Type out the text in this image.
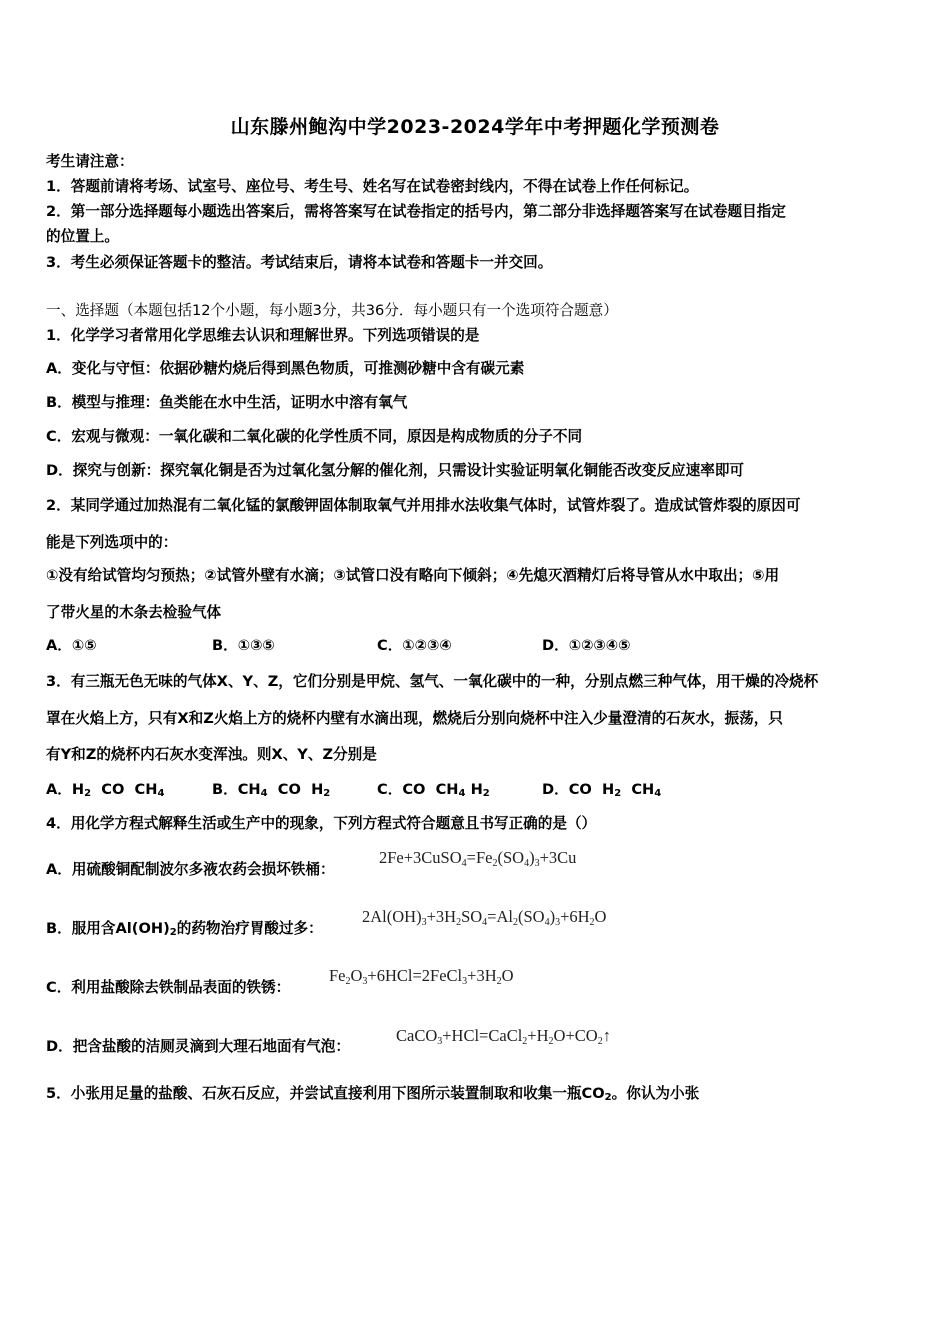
山东滕州鲍沟中学2023-2024学年中考押题化学预测卷
考生请注意：
1．答题前请将考场、试室号、座位号、考生号、姓名写在试卷密封线内，不得在试卷上作任何标记。
2．第一部分选择题每小题选出答案后，需将答案写在试卷指定的括号内，第二部分非选择题答案写在试卷题目指定
的位置上。
3．考生必须保证答题卡的整洁。考试结束后，请将本试卷和答题卡一并交回。
一、选择题（本题包括12个小题，每小题3分，共36分．每小题只有一个选项符合题意）
1．化学学习者常用化学思维去认识和理解世界。下列选项错误的是
A．变化与守恒：依据砂糖灼烧后得到黑色物质，可推测砂糖中含有碳元素
B．模型与推理：鱼类能在水中生活，证明水中溶有氧气
C．宏观与微观：一氧化碳和二氧化碳的化学性质不同，原因是构成物质的分子不同
D．探究与创新：探究氧化铜是否为过氧化氢分解的催化剂，只需设计实验证明氧化铜能否改变反应速率即可
2．某同学通过加热混有二氧化锰的氯酸钾固体制取氧气并用排水法收集气体时，试管炸裂了。造成试管炸裂的原因可
能是下列选项中的：
①没有给试管均匀预热；②试管外壁有水滴；③试管口没有略向下倾斜；④先熄灭酒精灯后将导管从水中取出；⑤用
了带火星的木条去检验气体
A．①⑤	B．①③⑤	C．①②③④	D．①②③④⑤
3．有三瓶无色无味的气体X、Y、Z，它们分别是甲烷、氢气、一氧化碳中的一种，分别点燃三种气体，用干燥的冷烧杯
罩在火焰上方，只有X和Z火焰上方的烧杯内壁有水滴出现，燃烧后分别向烧杯中注入少量澄清的石灰水，振荡，只
有Y和Z的烧杯内石灰水变浑浊。则X、Y、Z分别是
A．$H_2$  CO  $CH_4$	B．$CH_4$  CO  $H_2$	C．CO  $CH_4$ $H_2$	D．CO  $H_2$  $CH_4$
4．用化学方程式解释生活或生产中的现象，下列方程式符合题意且书写正确的是（）
A．用硫酸铜配制波尔多液农药会损坏铁桶：
$2Fe+3CuSO_4=Fe_2(SO_4)_3+3Cu$
B．服用含$Al(OH)_2$的药物治疗胃酸过多：
$2Al(OH)_3+3H_2SO_4=Al_2(SO_4)_3+6H_2O$
C．利用盐酸除去铁制品表面的铁锈：
$Fe_2O_3+6HCl=2FeCl_3+3H_2O$
D．把含盐酸的洁厕灵滴到大理石地面有气泡：
$CaCO_3+HCl=CaCl_2+H_2O+CO_2↑$
5．小张用足量的盐酸、石灰石反应，并尝试直接利用下图所示装置制取和收集一瓶$CO_2$。你认为小张
